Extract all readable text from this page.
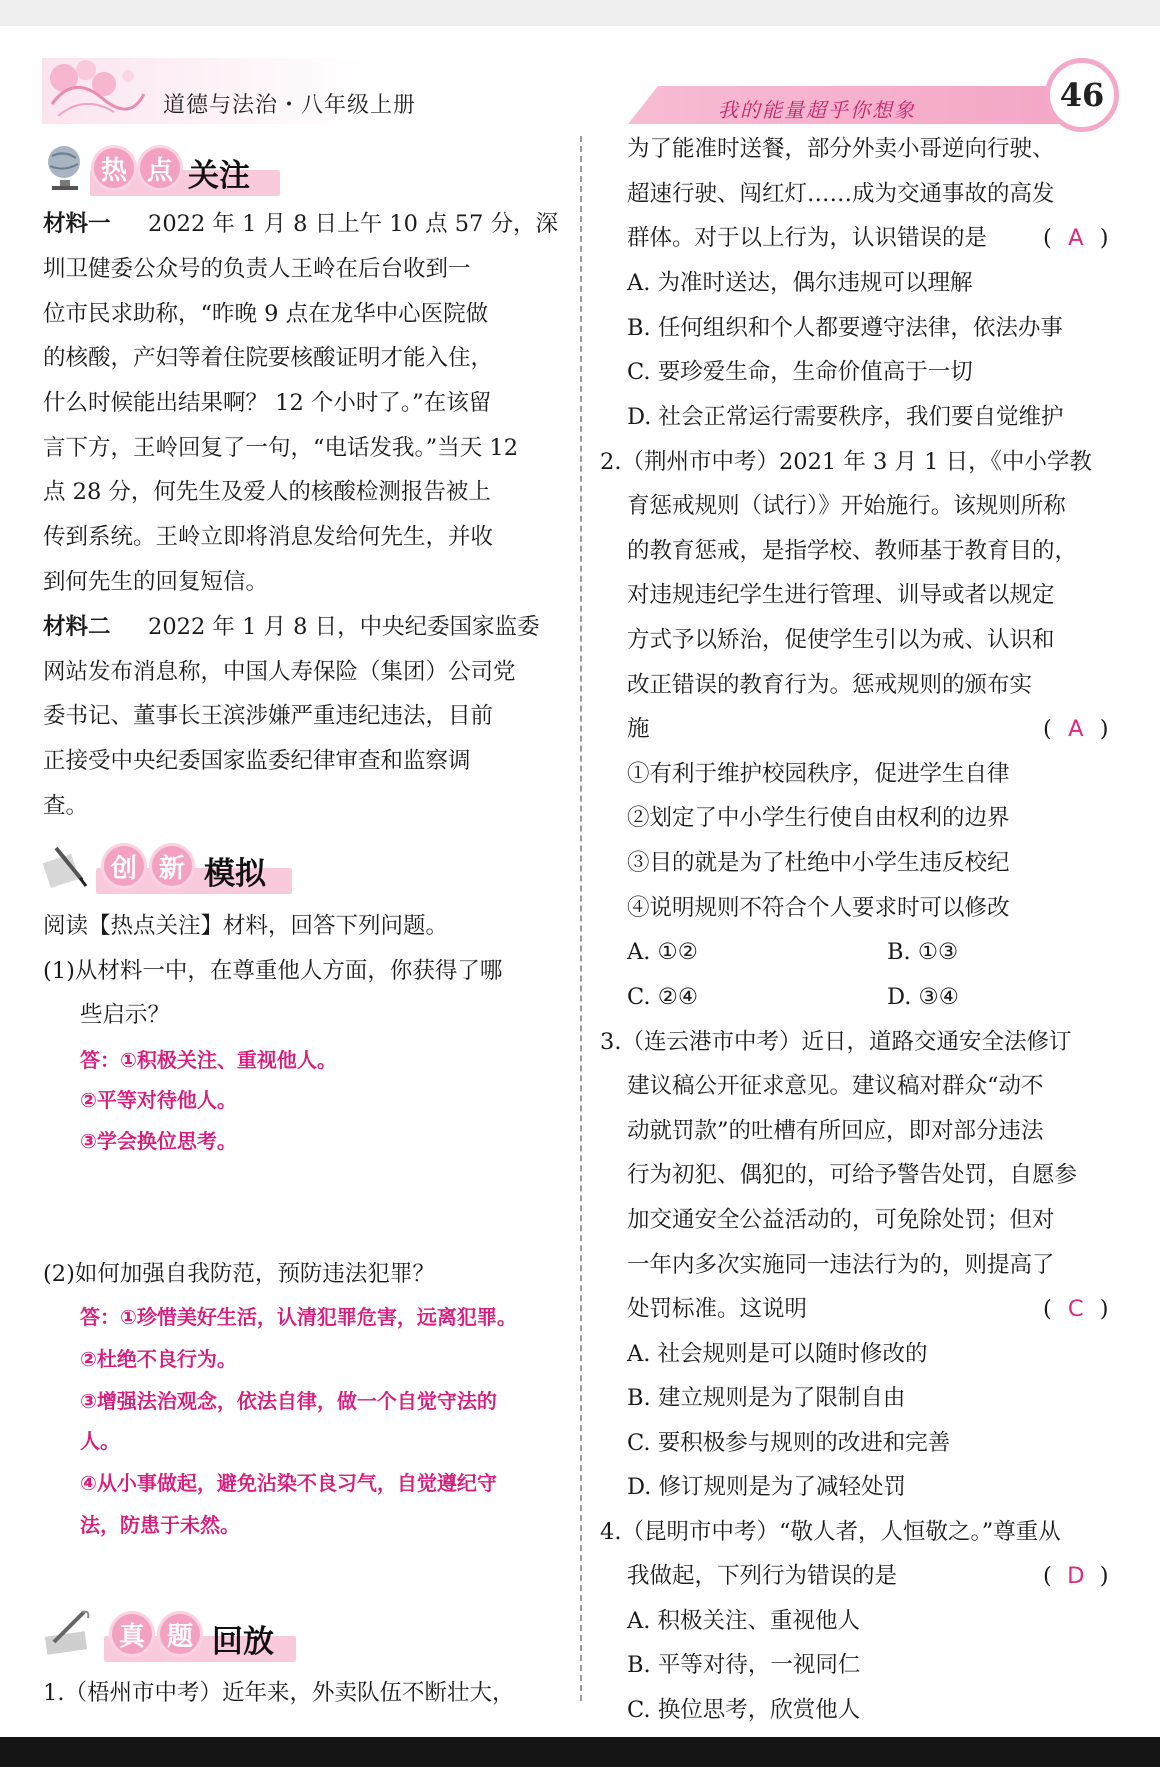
道德与法治・八年级上册	我的能量超乎你想象	46
热 点 关注
材料一 2022 年 1 月 8 日上午 10 点 57 分，深
圳卫健委公众号的负责人王岭在后台收到一
位市民求助称，“昨晚 9 点在龙华中心医院做
的核酸，产妇等着住院要核酸证明才能入住，
什么时候能出结果啊？ 12 个小时了。”在该留
言下方，王岭回复了一句，“电话发我。”当天 12
点 28 分，何先生及爱人的核酸检测报告被上
传到系统。王岭立即将消息发给何先生，并收
到何先生的回复短信。
材料二 2022 年 1 月 8 日，中央纪委国家监委
网站发布消息称，中国人寿保险（集团）公司党
委书记、董事长王滨涉嫌严重违纪违法，目前
正接受中央纪委国家监委纪律审查和监察调
查。
创 新 模拟
阅读【热点关注】材料，回答下列问题。
(1)从材料一中，在尊重他人方面，你获得了哪
些启示？
答：①积极关注、重视他人。
②平等对待他人。
③学会换位思考。
(2)如何加强自我防范，预防违法犯罪？
答：①珍惜美好生活，认清犯罪危害，远离犯罪。
②杜绝不良行为。
③增强法治观念，依法自律，做一个自觉守法的
人。
④从小事做起，避免沾染不良习气，自觉遵纪守
法，防患于未然。
真 题 回放
1.（梧州市中考）近年来，外卖队伍不断壮大，
为了能准时送餐，部分外卖小哥逆向行驶、
超速行驶、闯红灯……成为交通事故的高发
群体。对于以上行为，认识错误的是 ( A )
A. 为准时送达，偶尔违规可以理解
B. 任何组织和个人都要遵守法律，依法办事
C. 要珍爱生命，生命价值高于一切
D. 社会正常运行需要秩序，我们要自觉维护
2.（荆州市中考）2021 年 3 月 1 日，《中小学教
育惩戒规则（试行）》开始施行。该规则所称
的教育惩戒，是指学校、教师基于教育目的，
对违规违纪学生进行管理、训导或者以规定
方式予以矫治，促使学生引以为戒、认识和
改正错误的教育行为。惩戒规则的颁布实
施	( A )
①有利于维护校园秩序，促进学生自律
②划定了中小学生行使自由权利的边界
③目的就是为了杜绝中小学生违反校纪
④说明规则不符合个人要求时可以修改
A. ①②	B. ①③
C. ②④	D. ③④
3.（连云港市中考）近日，道路交通安全法修订
建议稿公开征求意见。建议稿对群众“动不
动就罚款”的吐槽有所回应，即对部分违法
行为初犯、偶犯的，可给予警告处罚，自愿参
加交通安全公益活动的，可免除处罚；但对
一年内多次实施同一违法行为的，则提高了
处罚标准。这说明	( C )
A. 社会规则是可以随时修改的
B. 建立规则是为了限制自由
C. 要积极参与规则的改进和完善
D. 修订规则是为了减轻处罚
4.（昆明市中考）“敬人者，人恒敬之。”尊重从
我做起，下列行为错误的是	( D )
A. 积极关注、重视他人
B. 平等对待，一视同仁
C. 换位思考，欣赏他人
